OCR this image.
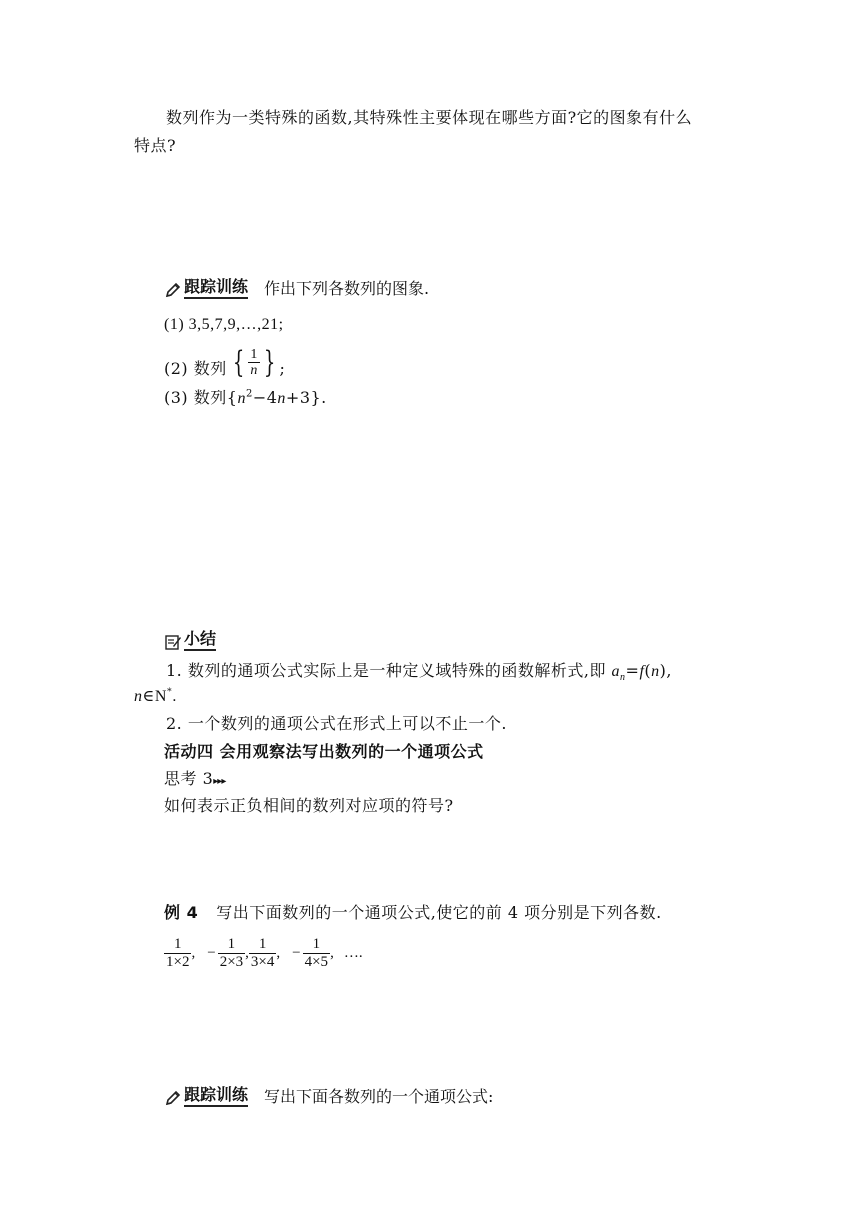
数列作为一类特殊的函数,其特殊性主要体现在哪些方面?它的图象有什么
特点?
跟踪训练 作出下列各数列的图象.
(1) 3,5,7,9,…,21;
(2) 数列 { $\frac{1}{n}$ } ;
(3) 数列$\{n^2-4n+3\}$.
小结
1. 数列的通项公式实际上是一种定义域特殊的函数解析式,即 $a_n=f(n)$,
n∈N*.
2. 一个数列的通项公式在形式上可以不止一个.
活动四 会用观察法写出数列的一个通项公式
思考 3▸▸▸
如何表示正负相间的数列对应项的符号?
例 4 写出下面数列的一个通项公式,使它的前 4 项分别是下列各数.
$\frac{1}{1\times 2}$ , − $\frac{1}{2\times 3}$ , $\frac{1}{3\times 4}$ , − $\frac{1}{4\times 5}$ , ….
跟踪训练 写出下面各数列的一个通项公式:
